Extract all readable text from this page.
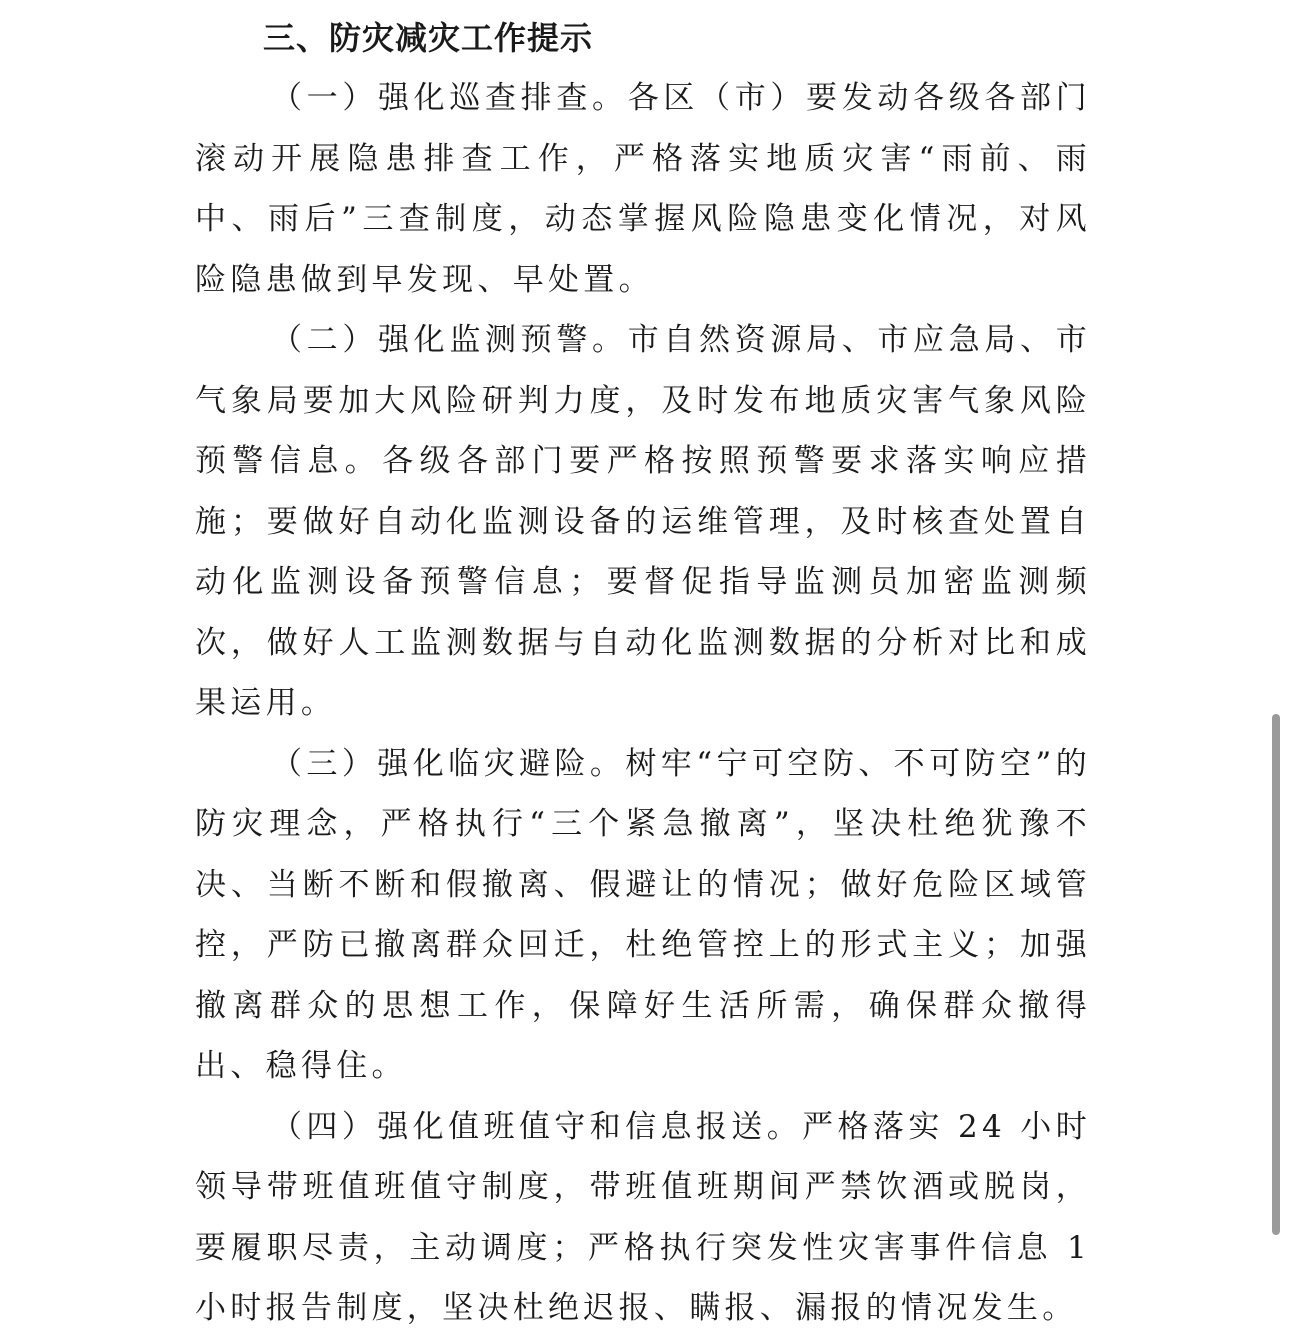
三、防灾减灾工作提示

（一）强化巡查排查。各区（市）要发动各级各部门滚动开展隐患排查工作，严格落实地质灾害“雨前、雨中、雨后”三查制度，动态掌握风险隐患变化情况，对风险隐患做到早发现、早处置。

（二）强化监测预警。市自然资源局、市应急局、市气象局要加大风险研判力度，及时发布地质灾害气象风险预警信息。各级各部门要严格按照预警要求落实响应措施；要做好自动化监测设备的运维管理，及时核查处置自动化监测设备预警信息；要督促指导监测员加密监测频次，做好人工监测数据与自动化监测数据的分析对比和成果运用。

（三）强化临灾避险。树牢“宁可空防、不可防空”的防灾理念，严格执行“三个紧急撤离”，坚决杜绝犹豫不决、当断不断和假撤离、假避让的情况；做好危险区域管控，严防已撤离群众回迁，杜绝管控上的形式主义；加强撤离群众的思想工作，保障好生活所需，确保群众撤得出、稳得住。

（四）强化值班值守和信息报送。严格落实 24 小时领导带班值班值守制度，带班值班期间严禁饮酒或脱岗，要履职尽责，主动调度；严格执行突发性灾害事件信息 1 小时报告制度，坚决杜绝迟报、瞒报、漏报的情况发生。
